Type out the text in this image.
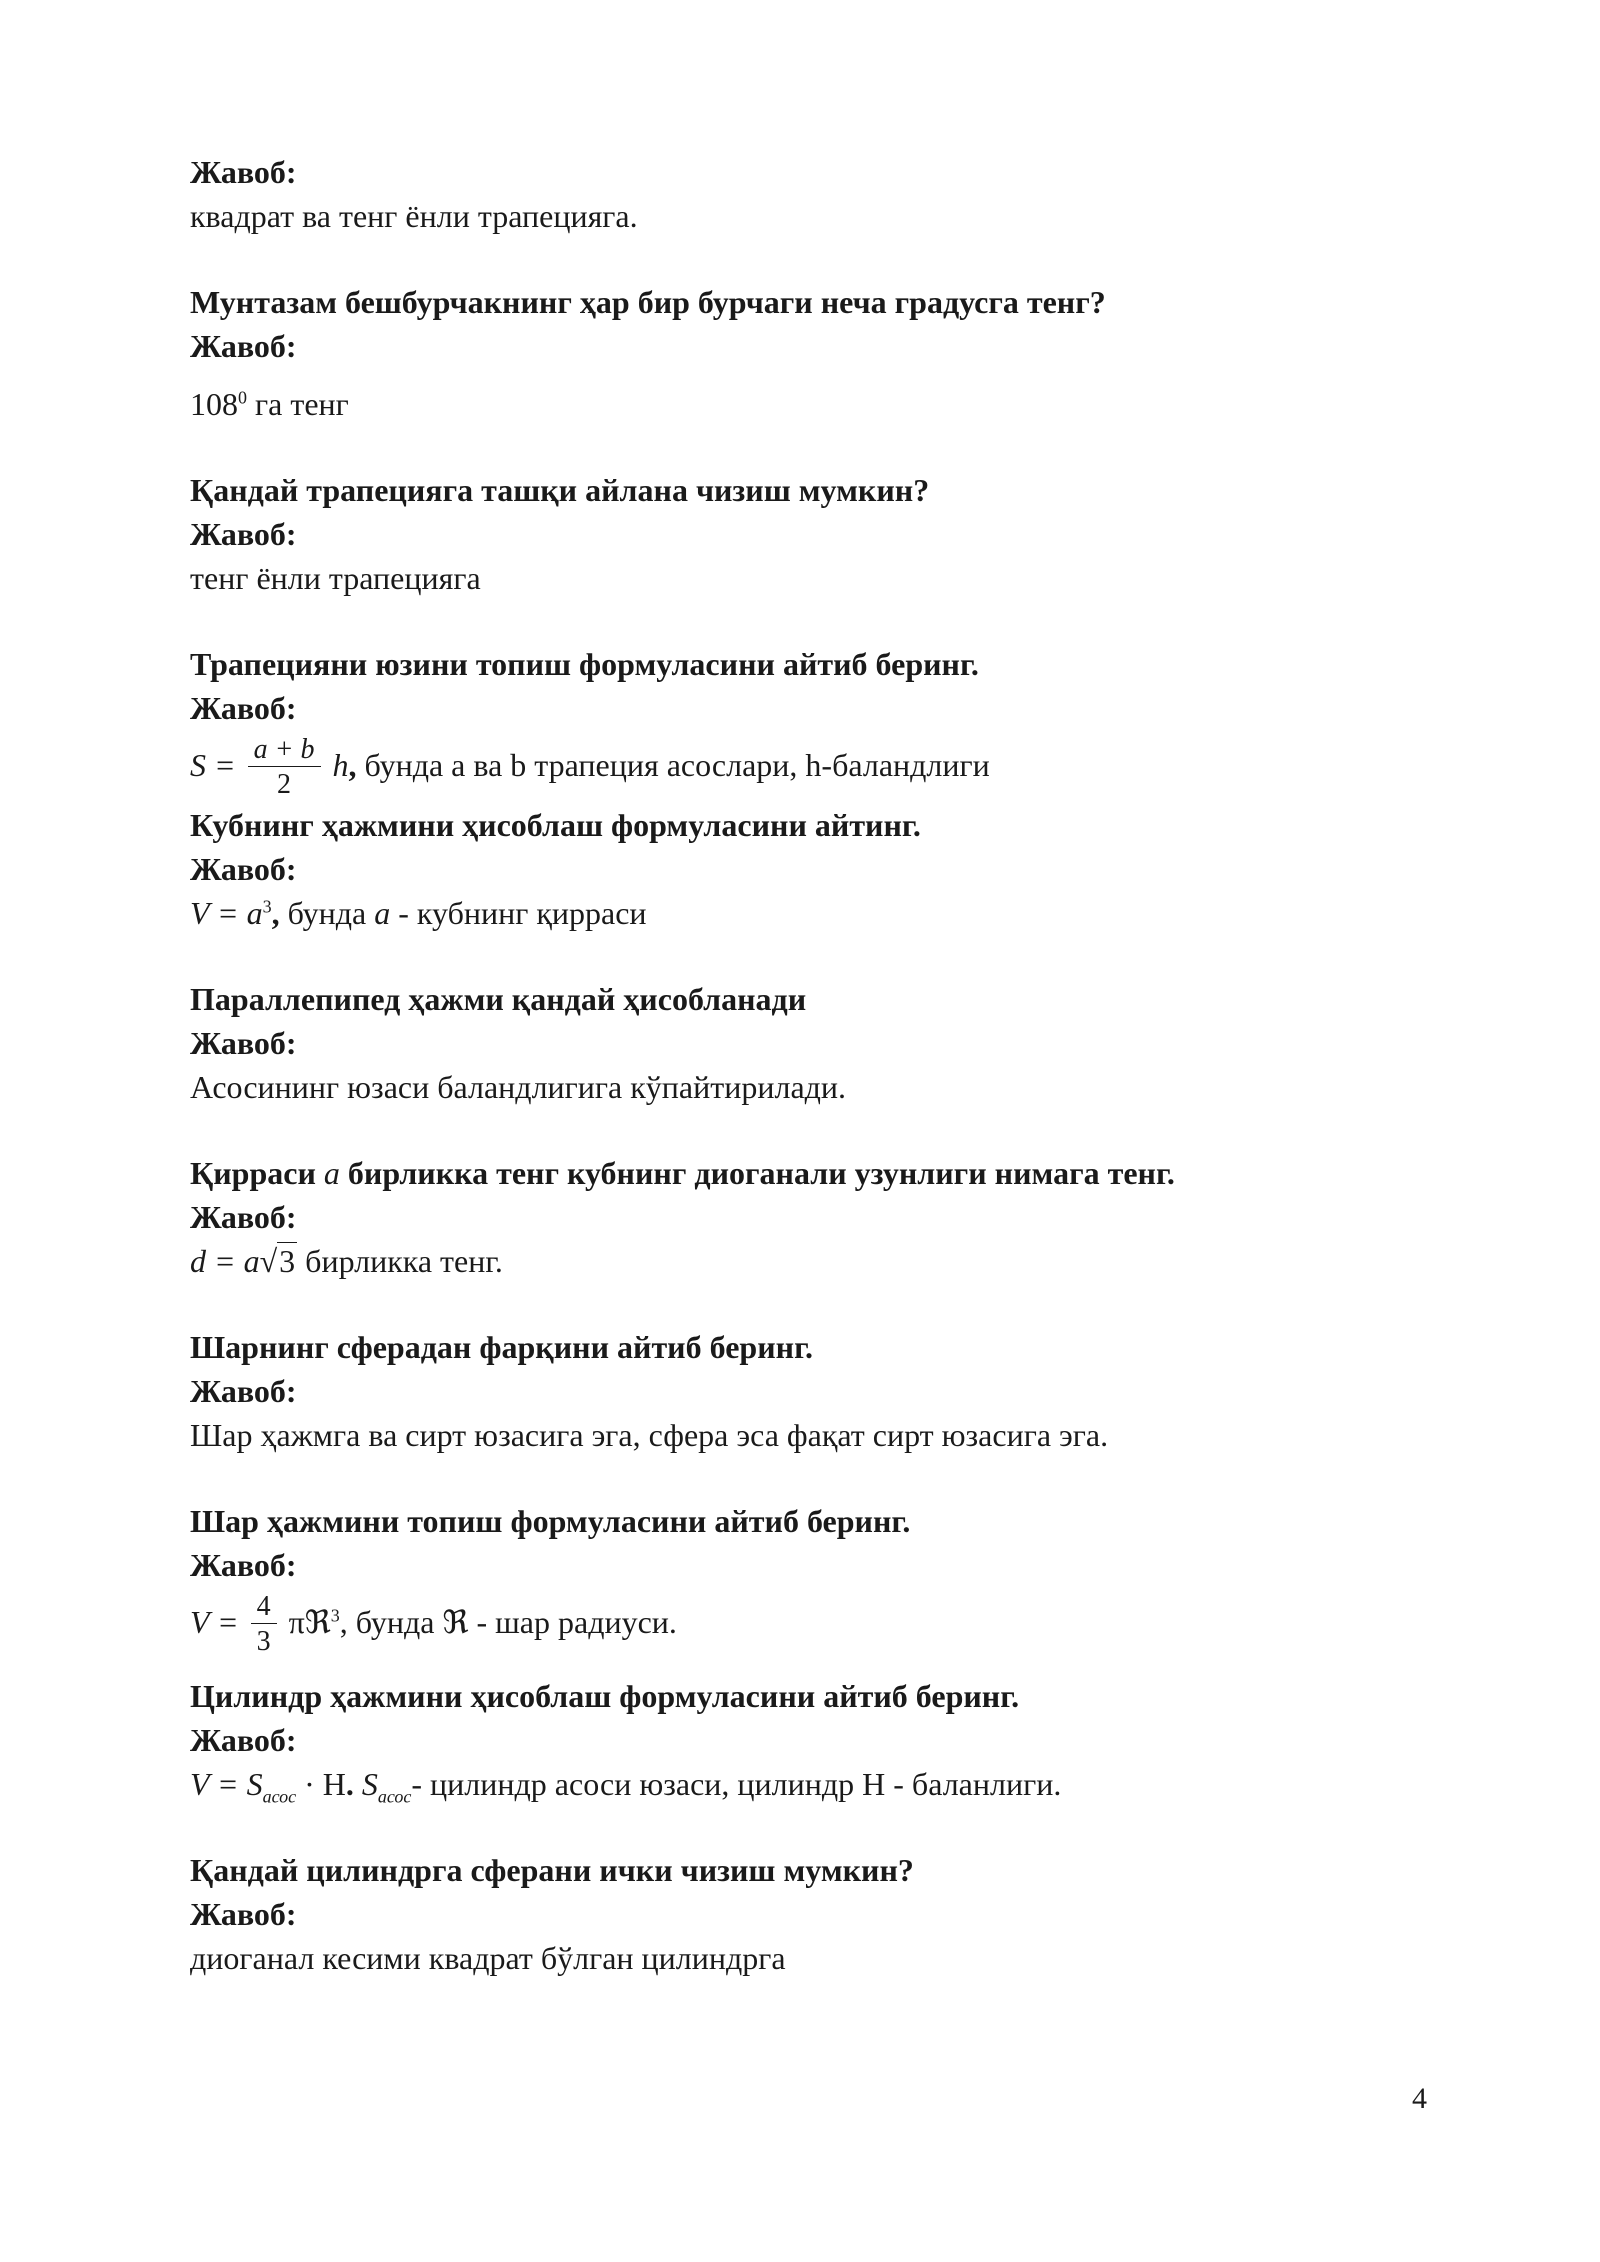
Жавоб:

квадрат ва тенг ёнли трапецияга.

Мунтазам бешбурчакнинг ҳар бир бурчаги неча градусга тенг?

Жавоб:

$108^0$ га тенг

Қандай трапецияга ташқи айлана чизиш мумкин?

Жавоб:

тенг ёнли трапецияга

Трапецияни юзини топиш формуласини айтиб беринг.

Жавоб:

$S = \frac{a + b}{2} h$, бунда a ва b трапеция асослари, h-баландлиги

Кубнинг ҳажмини ҳисоблаш формуласини айтинг.

Жавоб:

$V = a^3$, бунда a - кубнинг қирраси

Параллепипед ҳажми қандай ҳисобланади

Жавоб:

Асосининг юзаси баландлигига кўпайтирилади.

Қирраси a бирликка тенг кубнинг диоганали узунлиги нимага тенг.

Жавоб:

d = a√3 бирликка тенг.

Шарнинг сферадан фарқини айтиб беринг.

Жавоб:

Шар ҳажмга ва сирт юзасига эга, сфера эса фақат сирт юзасига эга.

Шар ҳажмини топиш формуласини айтиб беринг.

Жавоб:

$V = \frac{4}{3}$ πℜ$^3$, бунда ℜ - шар радиуси.

Цилиндр ҳажмини ҳисоблаш формуласини айтиб беринг.

Жавоб:

$V = S_{асос} \cdot H$. $S_{асос}-$ цилиндр асоси юзаси, цилиндр H - баланлиги.

Қандай цилиндрга сферани ички чизиш мумкин?

Жавоб:

диоганал кесими квадрат бўлган цилиндрга

4
